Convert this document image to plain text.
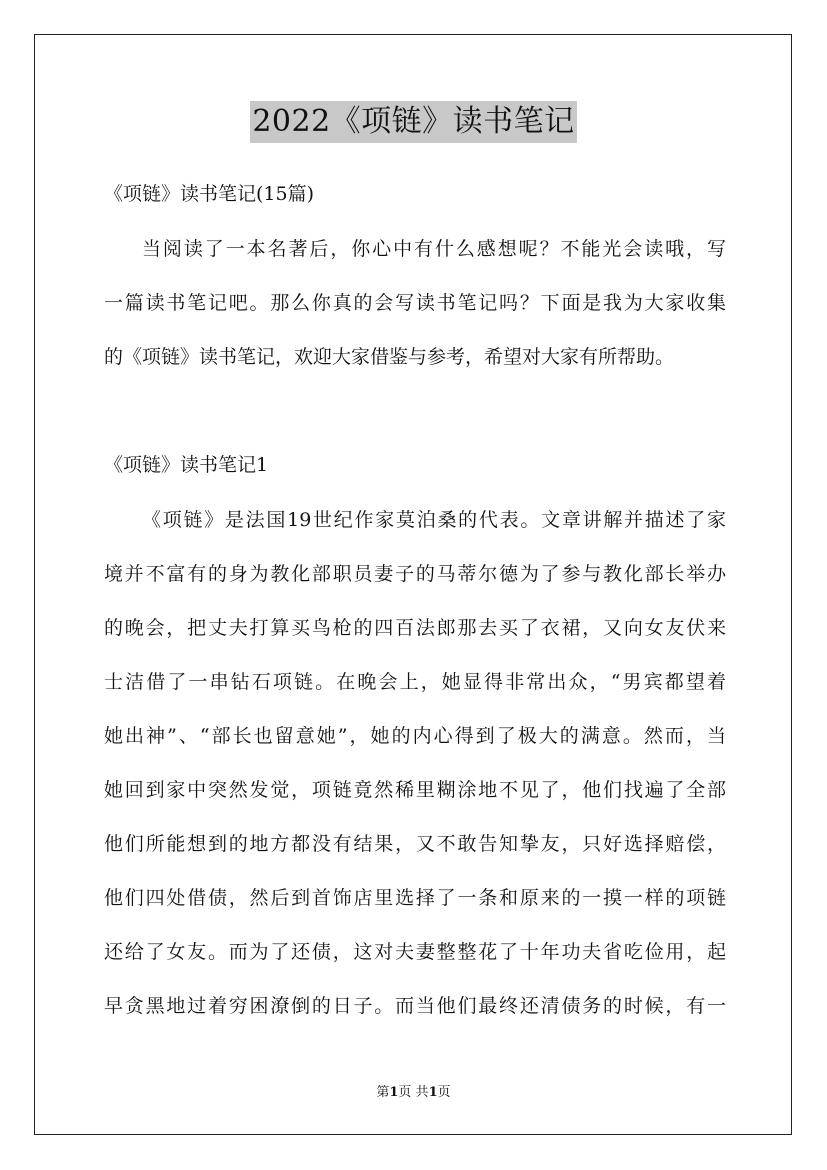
2022《项链》读书笔记
《项链》读书笔记(15篇)
当阅读了一本名著后，你心中有什么感想呢？不能光会读哦，写
一篇读书笔记吧。那么你真的会写读书笔记吗？下面是我为大家收集
的《项链》读书笔记，欢迎大家借鉴与参考，希望对大家有所帮助。
《项链》读书笔记1
《项链》是法国19世纪作家莫泊桑的代表。文章讲解并描述了家
境并不富有的身为教化部职员妻子的马蒂尔德为了参与教化部长举办
的晚会，把丈夫打算买鸟枪的四百法郎那去买了衣裙，又向女友伏来
士洁借了一串钻石项链。在晚会上，她显得非常出众，“男宾都望着
她出神”、“部长也留意她”，她的内心得到了极大的满意。然而，当
她回到家中突然发觉，项链竟然稀里糊涂地不见了，他们找遍了全部
他们所能想到的地方都没有结果，又不敢告知挚友，只好选择赔偿，
他们四处借债，然后到首饰店里选择了一条和原来的一摸一样的项链
还给了女友。而为了还债，这对夫妻整整花了十年功夫省吃俭用，起
早贪黑地过着穷困潦倒的日子。而当他们最终还清债务的时候，有一
第1页 共1页
